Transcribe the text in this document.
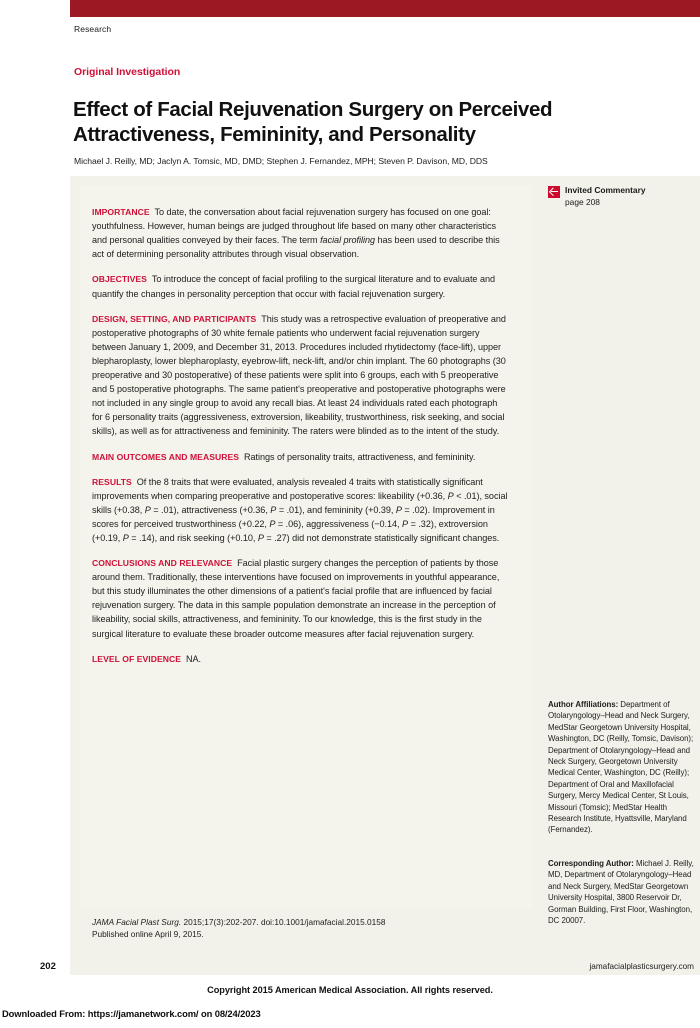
Research
Original Investigation
Effect of Facial Rejuvenation Surgery on Perceived Attractiveness, Femininity, and Personality
Michael J. Reilly, MD; Jaclyn A. Tomsic, MD, DMD; Stephen J. Fernandez, MPH; Steven P. Davison, MD, DDS

IMPORTANCE To date, the conversation about facial rejuvenation surgery has focused on one goal: youthfulness. However, human beings are judged throughout life based on many other characteristics and personal qualities conveyed by their faces. The term facial profiling has been used to describe this act of determining personality attributes through visual observation.

OBJECTIVES To introduce the concept of facial profiling to the surgical literature and to evaluate and quantify the changes in personality perception that occur with facial rejuvenation surgery.

DESIGN, SETTING, AND PARTICIPANTS This study was a retrospective evaluation of preoperative and postoperative photographs of 30 white female patients who underwent facial rejuvenation surgery between January 1, 2009, and December 31, 2013. Procedures included rhytidectomy (face-lift), upper blepharoplasty, lower blepharoplasty, eyebrow-lift, neck-lift, and/or chin implant. The 60 photographs (30 preoperative and 30 postoperative) of these patients were split into 6 groups, each with 5 preoperative and 5 postoperative photographs. The same patient's preoperative and postoperative photographs were not included in any single group to avoid any recall bias. At least 24 individuals rated each photograph for 6 personality traits (aggressiveness, extroversion, likeability, trustworthiness, risk seeking, and social skills), as well as for attractiveness and femininity. The raters were blinded as to the intent of the study.

MAIN OUTCOMES AND MEASURES Ratings of personality traits, attractiveness, and femininity.

RESULTS Of the 8 traits that were evaluated, analysis revealed 4 traits with statistically significant improvements when comparing preoperative and postoperative scores: likeability (+0.36, P < .01), social skills (+0.38, P = .01), attractiveness (+0.36, P = .01), and femininity (+0.39, P = .02). Improvement in scores for perceived trustworthiness (+0.22, P = .06), aggressiveness (−0.14, P = .32), extroversion (+0.19, P = .14), and risk seeking (+0.10, P = .27) did not demonstrate statistically significant changes.

CONCLUSIONS AND RELEVANCE Facial plastic surgery changes the perception of patients by those around them. Traditionally, these interventions have focused on improvements in youthful appearance, but this study illuminates the other dimensions of a patient's facial profile that are influenced by facial rejuvenation surgery. The data in this sample population demonstrate an increase in the perception of likeability, social skills, attractiveness, and femininity. To our knowledge, this is the first study in the surgical literature to evaluate these broader outcome measures after facial rejuvenation surgery.

LEVEL OF EVIDENCE NA.

JAMA Facial Plast Surg. 2015;17(3):202-207. doi:10.1001/jamafacial.2015.0158
Published online April 9, 2015.
Invited Commentary
page 208
Author Affiliations: Department of Otolaryngology–Head and Neck Surgery, MedStar Georgetown University Hospital, Washington, DC (Reilly, Tomsic, Davison); Department of Otolaryngology–Head and Neck Surgery, Georgetown University Medical Center, Washington, DC (Reilly); Department of Oral and Maxillofacial Surgery, Mercy Medical Center, St Louis, Missouri (Tomsic); MedStar Health Research Institute, Hyattsville, Maryland (Fernandez).
Corresponding Author: Michael J. Reilly, MD, Department of Otolaryngology–Head and Neck Surgery, MedStar Georgetown University Hospital, 3800 Reservoir Dr, Gorman Building, First Floor, Washington, DC 20007.
202	jamafacialplasticsurgery.com
Copyright 2015 American Medical Association. All rights reserved.
Downloaded From: https://jamanetwork.com/ on 08/24/2023
